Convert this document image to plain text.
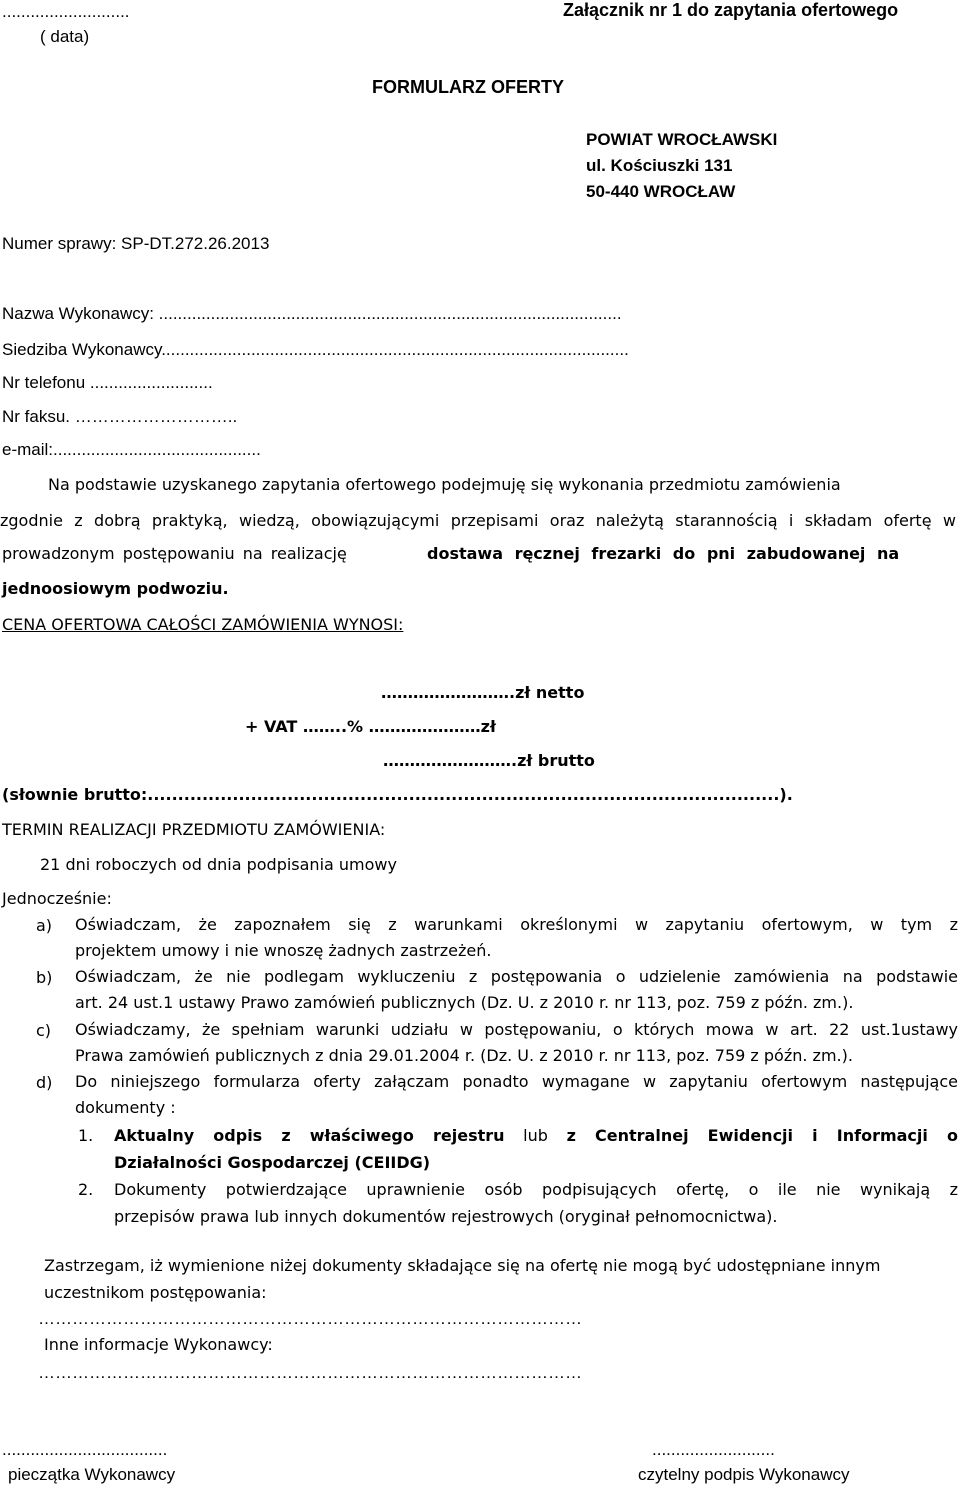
...........................
( data)
Załącznik nr 1 do zapytania ofertowego
FORMULARZ OFERTY
POWIAT WROCŁAWSKI
ul. Kościuszki 131
50-440 WROCŁAW
Numer sprawy: SP-DT.272.26.2013
Nazwa Wykonawcy: ..................................................................................................
Siedziba Wykonawcy...................................................................................................
Nr telefonu ..........................
Nr faksu. ………………………..
e-mail:............................................
Na podstawie uzyskanego zapytania ofertowego podejmuję się wykonania przedmiotu zamówienia
zgodnie z dobrą praktyką, wiedzą, obowiązującymi przepisami oraz należytą starannością i składam ofertę w
prowadzonym postępowaniu na realizację	dostawa ręcznej frezarki do pni zabudowanej na
jednoosiowym podwoziu.
CENA OFERTOWA CAŁOŚCI ZAMÓWIENIA WYNOSI:
…………………….zł netto
+ VAT ……..% …………………zł
…………………….zł brutto
(słownie brutto:........................................................................................................).
TERMIN REALIZACJI PRZEDMIOTU ZAMÓWIENIA:
21 dni roboczych od dnia podpisania umowy
Jednocześnie:
a) Oświadczam, że zapoznałem się z warunkami określonymi w zapytaniu ofertowym, w tym z
projektem umowy i nie wnoszę żadnych zastrzeżeń.
b) Oświadczam, że nie podlegam wykluczeniu z postępowania o udzielenie zamówienia na podstawie
art. 24 ust.1 ustawy Prawo zamówień publicznych (Dz. U. z 2010 r. nr 113, poz. 759 z późn. zm.).
c) Oświadczamy, że spełniam warunki udziału w postępowaniu, o których mowa w art. 22 ust.1ustawy
Prawa zamówień publicznych z dnia 29.01.2004 r. (Dz. U. z 2010 r. nr 113, poz. 759 z późn. zm.).
d) Do niniejszego formularza oferty załączam ponadto wymagane w zapytaniu ofertowym następujące
dokumenty :
1. Aktualny odpis z właściwego rejestru lub z Centralnej Ewidencji i Informacji o
Działalności Gospodarczej (CEIIDG)
2. Dokumenty potwierdzające uprawnienie osób podpisujących ofertę, o ile nie wynikają z
przepisów prawa lub innych dokumentów rejestrowych (oryginał pełnomocnictwa).
Zastrzegam, iż wymienione niżej dokumenty składające się na ofertę nie mogą być udostępniane innym
uczestnikom postępowania:
……………………………………………………………………………………
Inne informacje Wykonawcy:
……………………………………………………………………………………
...................................
pieczątka Wykonawcy
..........................
czytelny podpis Wykonawcy
